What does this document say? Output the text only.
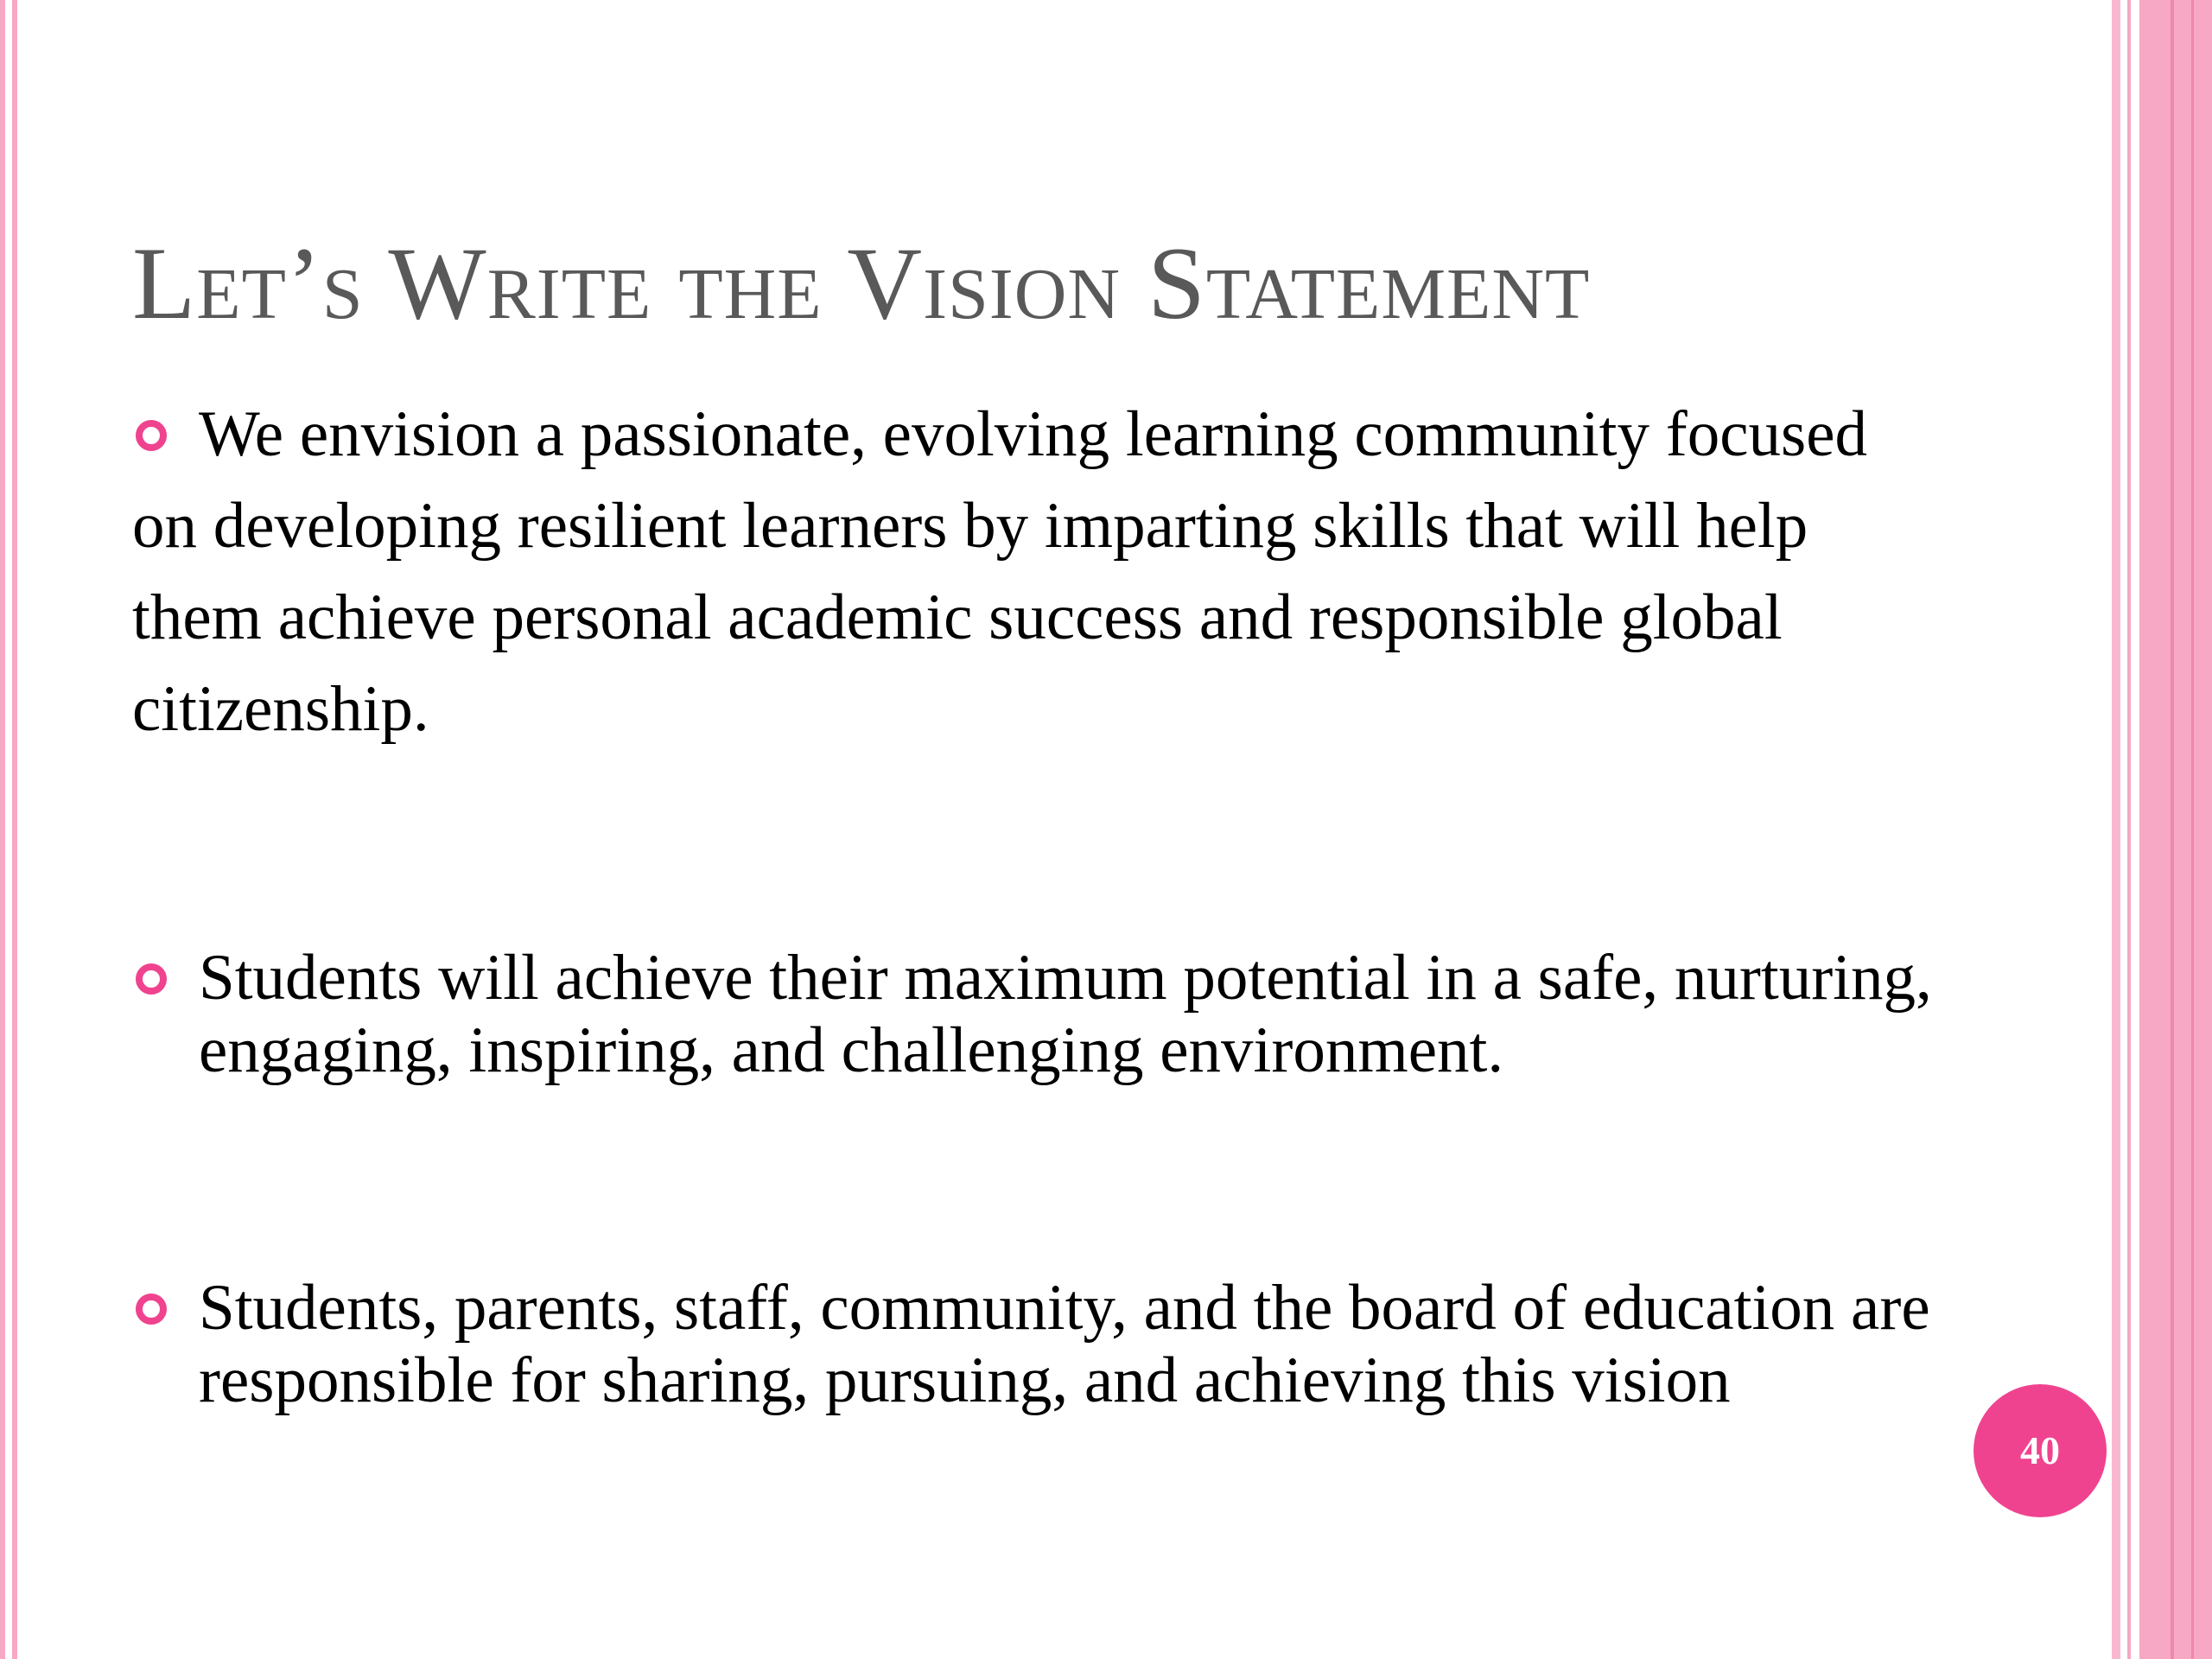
Let’s Write the Vision Statement
We envision a passionate, evolving learning community focused on developing resilient learners by imparting skills that will help them achieve personal academic success and responsible global citizenship.
Students will achieve their maximum potential in a safe, nurturing, engaging, inspiring, and challenging environment.
Students, parents, staff, community, and the board of education are responsible for sharing, pursuing, and achieving this vision
40
